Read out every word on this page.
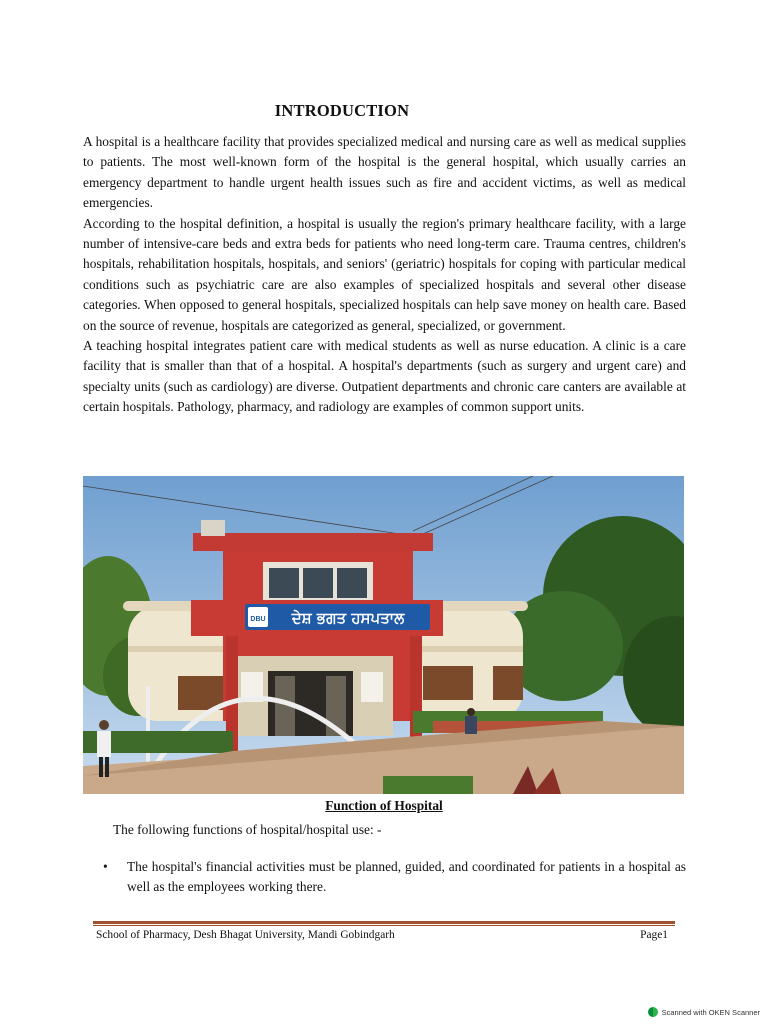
INTRODUCTION

A hospital is a healthcare facility that provides specialized medical and nursing care as well as medical supplies to patients. The most well-known form of the hospital is the general hospital, which usually carries an emergency department to handle urgent health issues such as fire and accident victims, as well as medical emergencies.

According to the hospital definition, a hospital is usually the region's primary healthcare facility, with a large number of intensive-care beds and extra beds for patients who need long-term care. Trauma centres, children's hospitals, rehabilitation hospitals, hospitals, and seniors' (geriatric) hospitals for coping with particular medical conditions such as psychiatric care are also examples of specialized hospitals and several other disease categories. When opposed to general hospitals, specialized hospitals can help save money on health care. Based on the source of revenue, hospitals are categorized as general, specialized, or government.

A teaching hospital integrates patient care with medical students as well as nurse education. A clinic is a care facility that is smaller than that of a hospital. A hospital's departments (such as surgery and urgent care) and specialty units (such as cardiology) are diverse. Outpatient departments and chronic care canters are available at certain hospitals. Pathology, pharmacy, and radiology are examples of common support units.

DBU ਦੇਸ਼ ਭਗਤ ਹਸਪਤਾਲ
Function of Hospital
The following functions of hospital/hospital use: -
• The hospital's financial activities must be planned, guided, and coordinated for patients in a hospital as well as the employees working there.
School of Pharmacy, Desh Bhagat University, Mandi Gobindgarh	Page1
Scanned with OKEN Scanner
